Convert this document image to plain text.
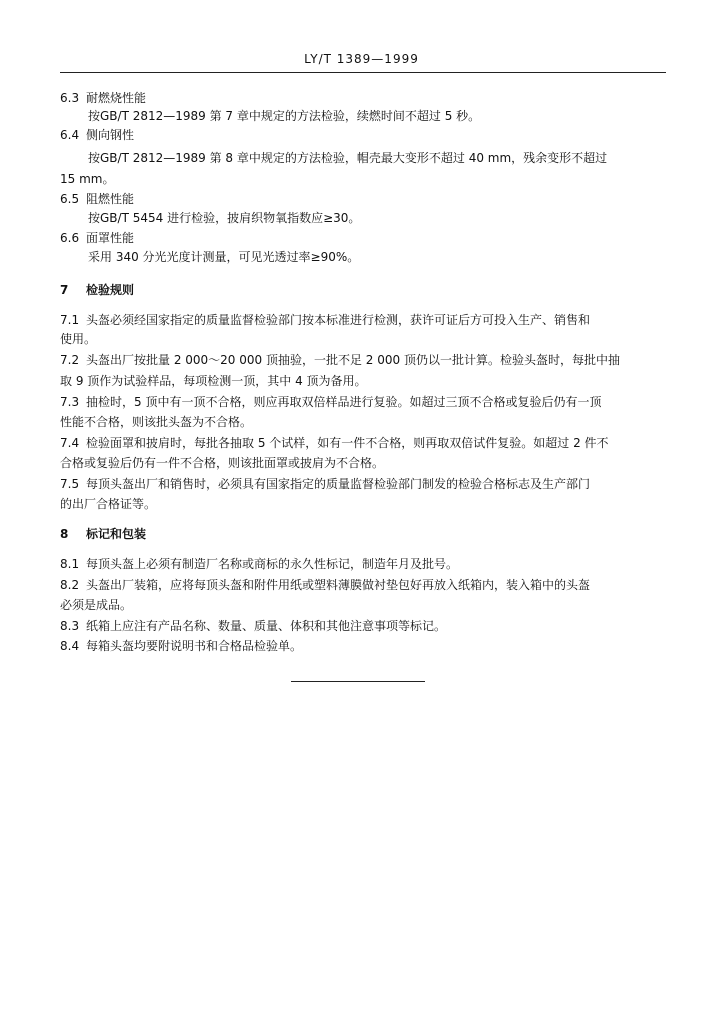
LY/T 1389—1999
6.3 耐燃烧性能
按GB/T 2812—1989 第 7 章中规定的方法检验，续燃时间不超过 5 秒。
6.4 侧向钢性
按GB/T 2812—1989 第 8 章中规定的方法检验，帽壳最大变形不超过 40 mm，残余变形不超过
15 mm。
6.5 阻燃性能
按GB/T 5454 进行检验，披肩织物氧指数应≥30。
6.6 面罩性能
采用 340 分光光度计测量，可见光透过率≥90%。
7 检验规则
7.1 头盔必须经国家指定的质量监督检验部门按本标准进行检测，获许可证后方可投入生产、销售和
使用。
7.2 头盔出厂按批量 2 000～20 000 顶抽验，一批不足 2 000 顶仍以一批计算。检验头盔时，每批中抽
取 9 顶作为试验样品，每项检测一顶，其中 4 顶为备用。
7.3 抽检时，5 顶中有一顶不合格，则应再取双倍样品进行复验。如超过三顶不合格或复验后仍有一顶
性能不合格，则该批头盔为不合格。
7.4 检验面罩和披肩时，每批各抽取 5 个试样，如有一件不合格，则再取双倍试件复验。如超过 2 件不
合格或复验后仍有一件不合格，则该批面罩或披肩为不合格。
7.5 每顶头盔出厂和销售时，必须具有国家指定的质量监督检验部门制发的检验合格标志及生产部门
的出厂合格证等。
8 标记和包装
8.1 每顶头盔上必须有制造厂名称或商标的永久性标记，制造年月及批号。
8.2 头盔出厂装箱，应将每顶头盔和附件用纸或塑料薄膜做衬垫包好再放入纸箱内，装入箱中的头盔
必须是成品。
8.3 纸箱上应注有产品名称、数量、质量、体积和其他注意事项等标记。
8.4 每箱头盔均要附说明书和合格品检验单。
